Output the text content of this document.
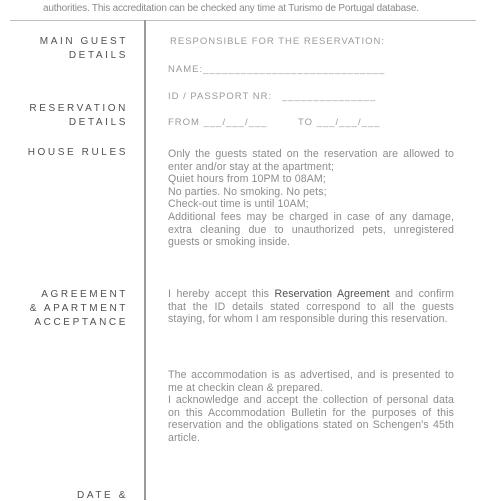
authorities. This accreditation can be checked any time at Turismo de Portugal database.
MAIN GUEST
DETAILS
RESERVATION
DETAILS
HOUSE RULES
AGREEMENT
& APARTMENT
ACCEPTANCE
DATE &
RESPONSIBLE FOR THE RESERVATION:
NAME:_____________________________
ID / PASSPORT NR: _______________
FROM ___/___/___	TO ___/___/___
Only the guests stated on the reservation are allowed to enter and/or stay at the apartment;
Quiet hours from 10PM to 08AM;
No parties. No smoking. No pets;
Check-out time is until 10AM;
Additional fees may be charged in case of any damage, extra cleaning due to unauthorized pets, unregistered guests or smoking inside.
I hereby accept this Reservation Agreement and confirm that the ID details stated correspond to all the guests staying, for whom I am responsible during this reservation.
The accommodation is as advertised, and is presented to me at checkin clean & prepared.
I acknowledge and accept the collection of personal data on this Accommodation Bulletin for the purposes of this reservation and the obligations stated on Schengen's 45th article.
